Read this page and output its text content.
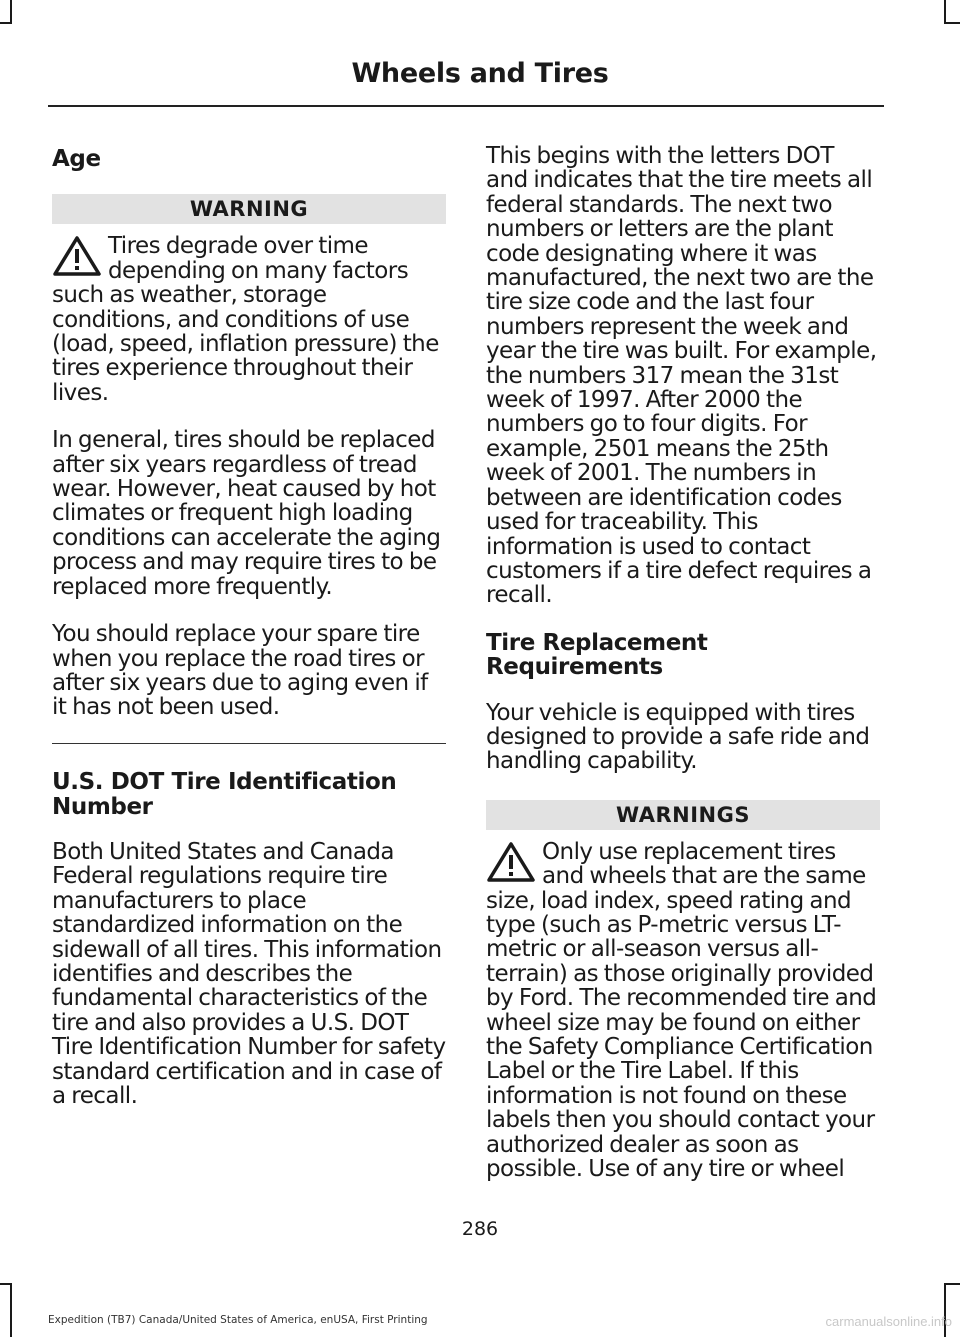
Wheels and Tires
Age
WARNING
Tires degrade over time depending on many factors such as weather, storage conditions, and conditions of use (load, speed, inflation pressure) the tires experience throughout their lives.
In general, tires should be replaced after six years regardless of tread wear. However, heat caused by hot climates or frequent high loading conditions can accelerate the aging process and may require tires to be replaced more frequently.
You should replace your spare tire when you replace the road tires or after six years due to aging even if it has not been used.
U.S. DOT Tire Identification Number
Both United States and Canada Federal regulations require tire manufacturers to place standardized information on the sidewall of all tires. This information identifies and describes the fundamental characteristics of the tire and also provides a U.S. DOT Tire Identification Number for safety standard certification and in case of a recall.
This begins with the letters DOT and indicates that the tire meets all federal standards. The next two numbers or letters are the plant code designating where it was manufactured, the next two are the tire size code and the last four numbers represent the week and year the tire was built. For example, the numbers 317 mean the 31st week of 1997. After 2000 the numbers go to four digits. For example, 2501 means the 25th week of 2001. The numbers in between are identification codes used for traceability. This information is used to contact customers if a tire defect requires a recall.
Tire Replacement Requirements
Your vehicle is equipped with tires designed to provide a safe ride and handling capability.
WARNINGS
Only use replacement tires and wheels that are the same size, load index, speed rating and type (such as P-metric versus LT-metric or all-season versus all-terrain) as those originally provided by Ford. The recommended tire and wheel size may be found on either the Safety Compliance Certification Label or the Tire Label. If this information is not found on these labels then you should contact your authorized dealer as soon as possible. Use of any tire or wheel
286
Expedition (TB7) Canada/United States of America, enUSA, First Printing	carmanualsonline.info
